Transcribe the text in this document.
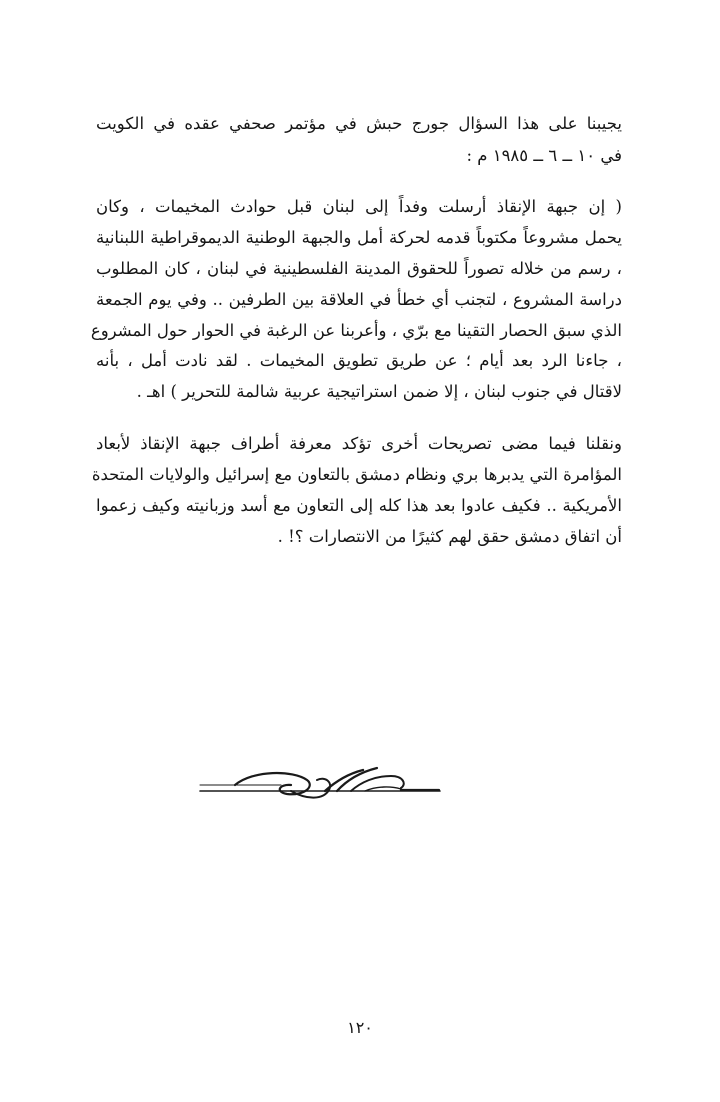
يجيبنا على هذا السؤال جورج حبش في مؤتمر صحفي عقده في الكويت
في ١٠ ــ ٦ ــ ١٩٨٥ م :
( إن جبهة الإنقاذ أرسلت وفداً إلى لبنان قبل حوادث المخيمات ، وكان
يحمل مشروعاً مكتوباً قدمه لحركة أمل والجبهة الوطنية الديموقراطية اللبنانية
، رسم من خلاله تصوراً للحقوق المدينة الفلسطينية في لبنان ، كان المطلوب
دراسة المشروع ، لتجنب أي خطأ في العلاقة بين الطرفين .. وفي يوم الجمعة
الذي سبق الحصار التقينا مع برّي ، وأعربنا عن الرغبة في الحوار حول المشروع
، جاءنا الرد بعد أيام ؛ عن طريق تطويق المخيمات . لقد نادت أمل ، بأنه
لاقتال في جنوب لبنان ، إلا ضمن استراتيجية عربية شالمة للتحرير ) اهـ .
ونقلنا فيما مضى تصريحات أخرى تؤكد معرفة أطراف جبهة الإنقاذ لأبعاد
المؤامرة التي يدبرها بري ونظام دمشق بالتعاون مع إسرائيل والولايات المتحدة
الأمريكية .. فكيف عادوا بعد هذا كله إلى التعاون مع أسد وزبانيته وكيف زعموا
أن اتفاق دمشق حقق لهم كثيرًا من الانتصارات ؟! .
١٢٠
